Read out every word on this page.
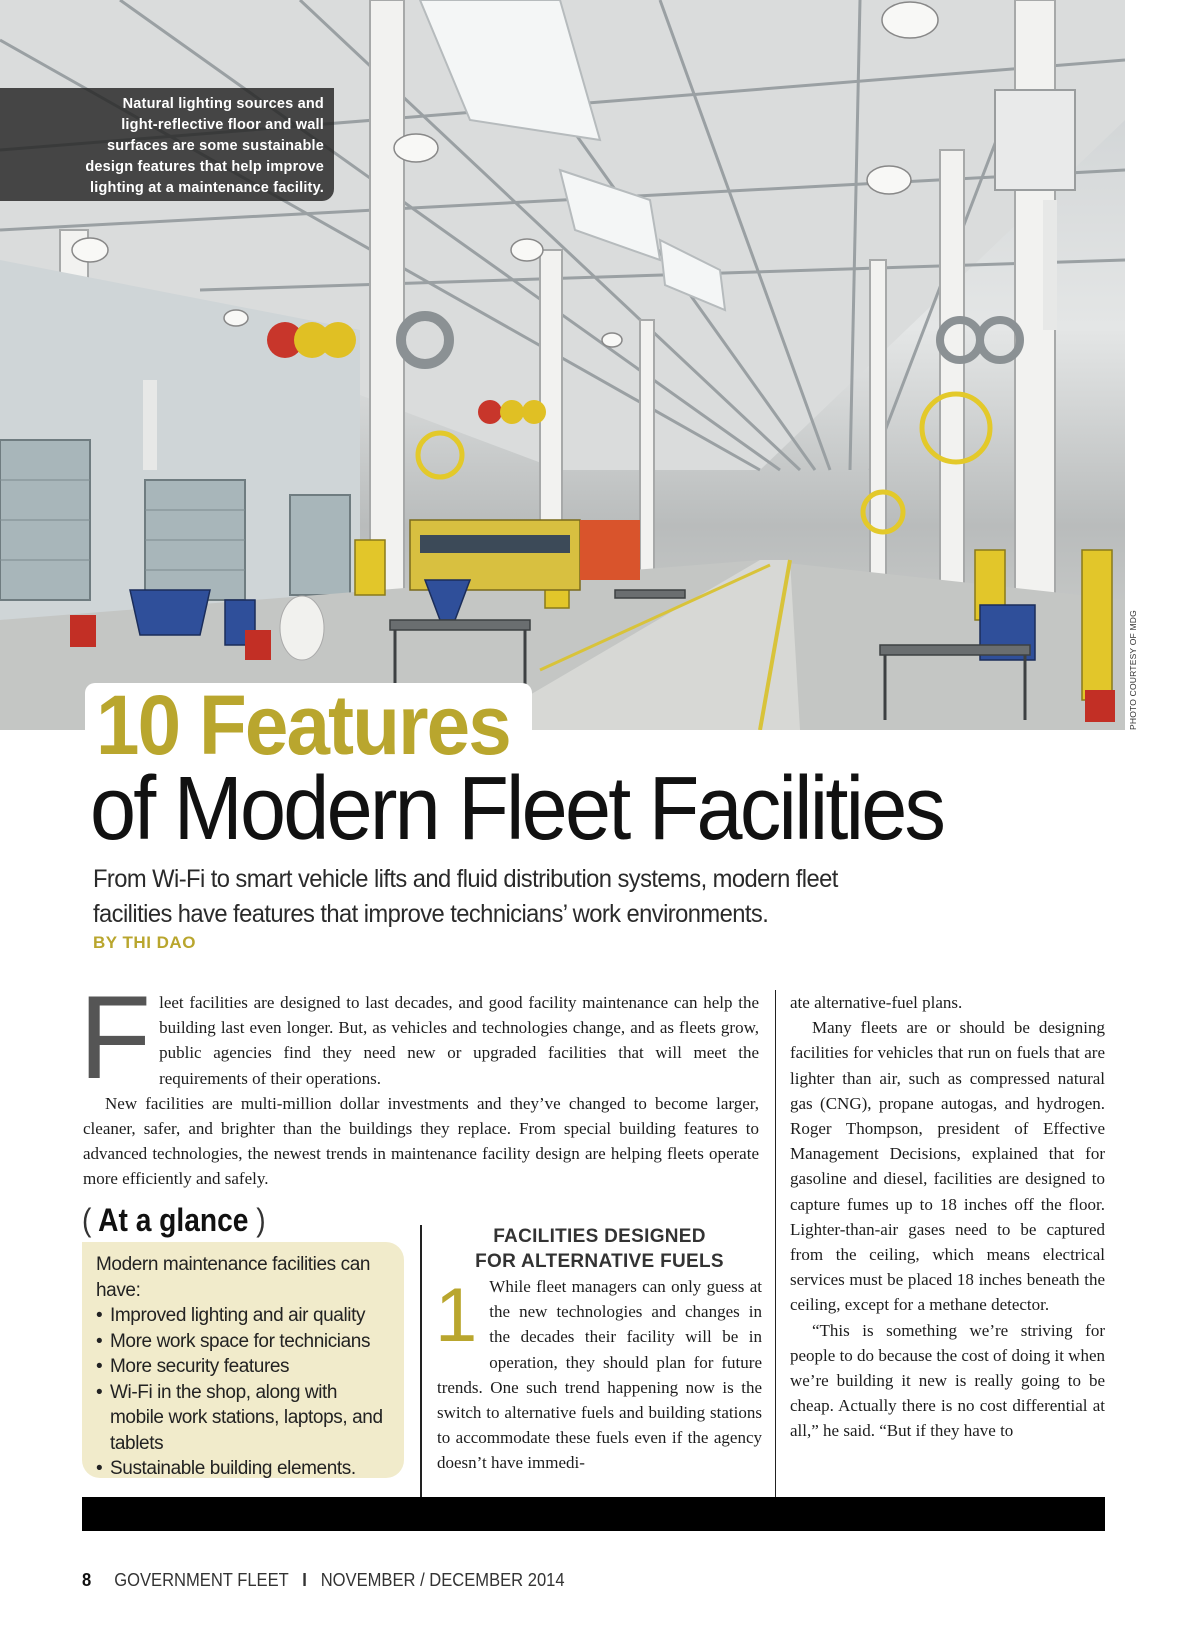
Natural lighting sources and
light-reflective floor and wall
surfaces are some sustainable
design features that help improve
lighting at a maintenance facility.
PHOTO COURTESY OF MDG
10 Features
of Modern Fleet Facilities
From Wi-Fi to smart vehicle lifts and fluid distribution systems, modern fleet
facilities have features that improve technicians’ work environments.
BY THI DAO
F leet facilities are designed to last decades, and good facility maintenance can help the building last even longer. But, as vehicles and technologies change, and as fleets grow, public agencies find they need new or upgraded facilities that will meet the requirements of their operations.

New facilities are multi-million dollar investments and they’ve changed to become larger, cleaner, safer, and brighter than the buildings they replace. From special building features to advanced technologies, the newest trends in maintenance facility design are helping fleets operate more efficiently and safely.

( At a glance )
Modern maintenance facilities can have:
• Improved lighting and air quality
• More work space for technicians
• More security features
• Wi-Fi in the shop, along with mobile work stations, laptops, and tablets
• Sustainable building elements.
FACILITIES DESIGNED
FOR ALTERNATIVE FUELS
1 While fleet managers can only guess at the new technologies and changes in the decades their facility will be in operation, they should plan for future trends. One such trend happening now is the switch to alternative fuels and building stations to accommodate these fuels even if the agency doesn’t have immedi-

ate alternative-fuel plans.

Many fleets are or should be designing facilities for vehicles that run on fuels that are lighter than air, such as compressed natural gas (CNG), propane autogas, and hydrogen. Roger Thompson, president of Effective Management Decisions, explained that for gasoline and diesel, facilities are designed to capture fumes up to 18 inches off the floor. Lighter-than-air gases need to be captured from the ceiling, which means electrical services must be placed 18 inches beneath the ceiling, except for a methane detector.

“This is something we’re striving for people to do because the cost of doing it when we’re building it new is really going to be cheap. Actually there is no cost differential at all,” he said. “But if they have to

8 GOVERNMENT FLEET I NOVEMBER / DECEMBER 2014
